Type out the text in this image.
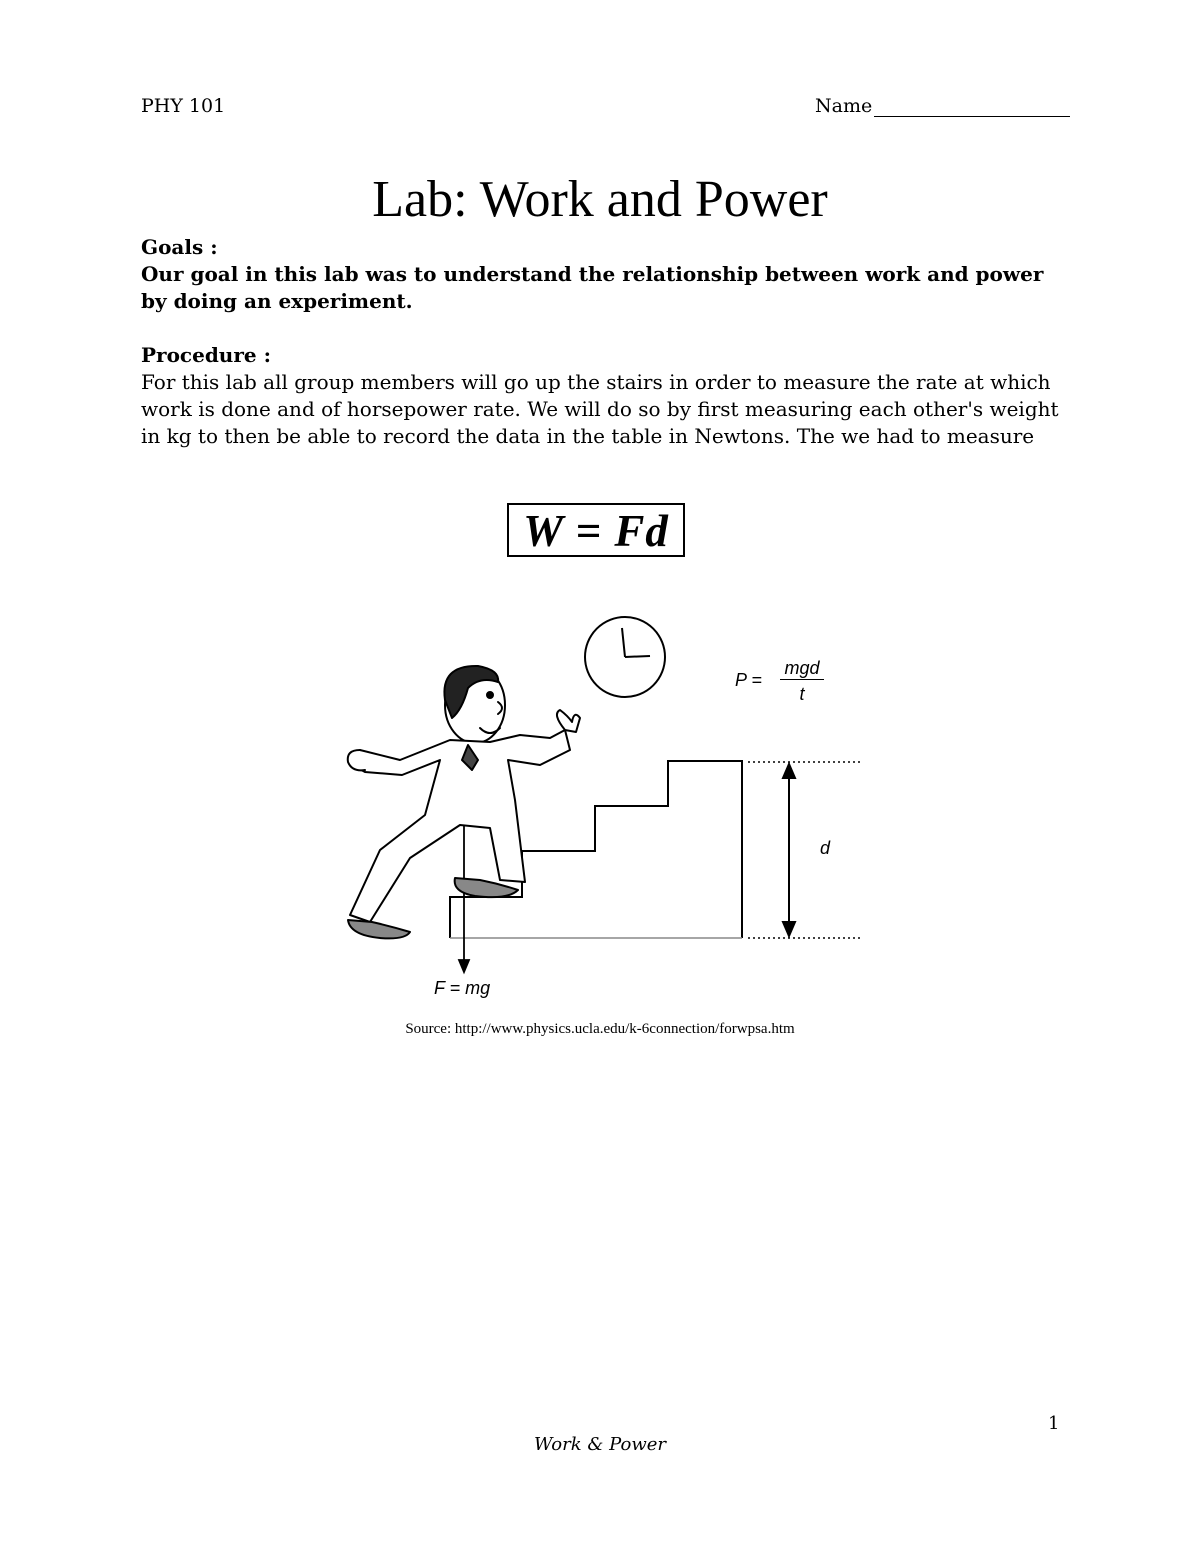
PHY 101	Name
Lab: Work and Power
Goals :
Our goal in this lab was to understand the relationship between work and power by doing an experiment.
Procedure :
For this lab all group members will go up the stairs in order to measure the rate at which work is done and of horsepower rate. We will do so by first measuring each other's weight in kg to then be able to record the data in the table in Newtons. The we had to measure
W = Fd
P =
mgd
t
d
F = mg
Source: http://www.physics.ucla.edu/k-6connection/forwpsa.htm
1
Work & Power
